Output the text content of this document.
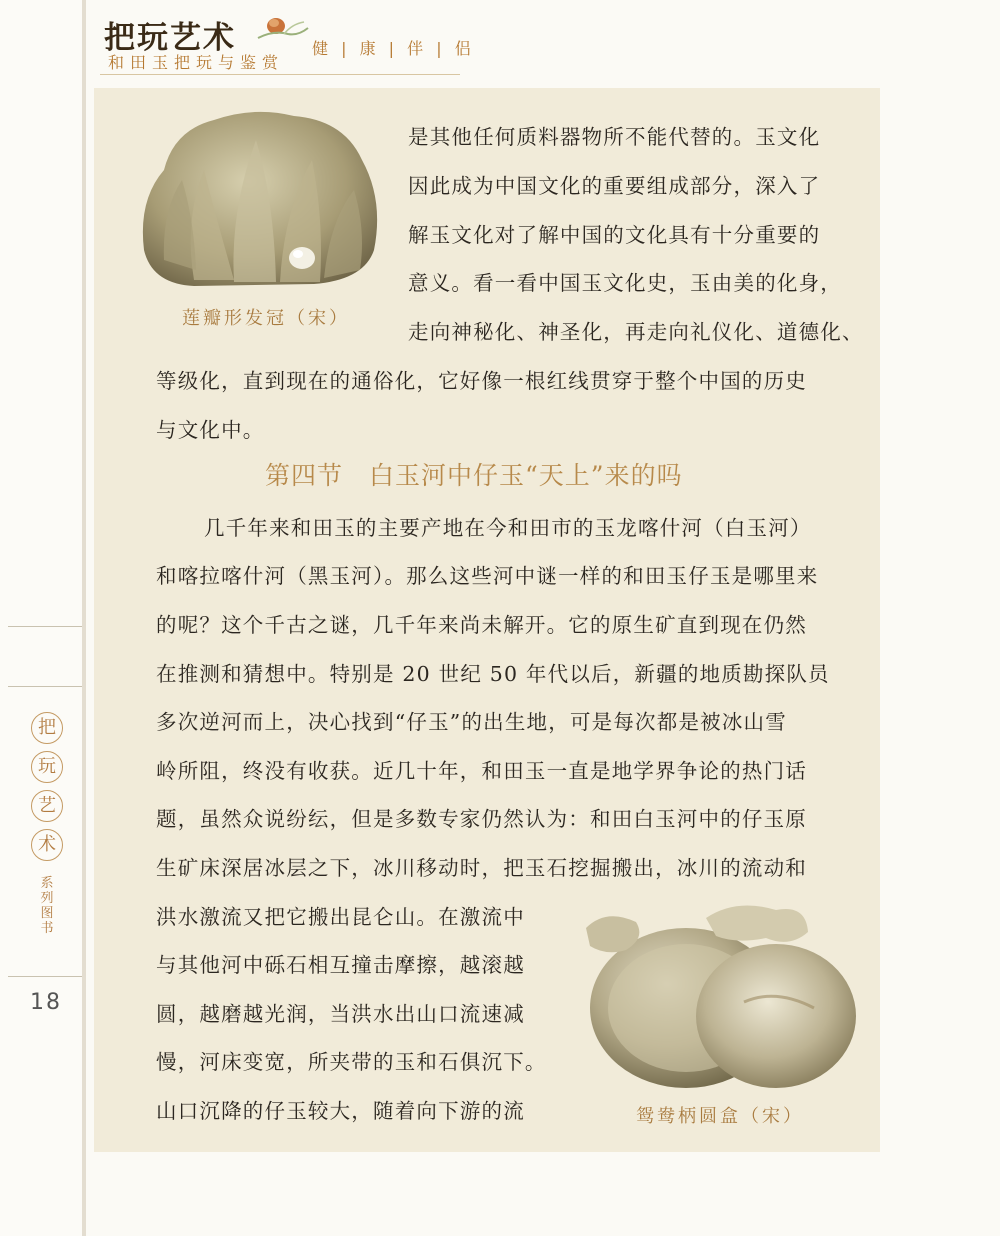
把玩艺术
和田玉把玩与鉴赏
健 | 康 | 伴 | 侣
把
玩
艺
术
系列图书
18
莲瓣形发冠（宋）
是其他任何质料器物所不能代替的。玉文化
因此成为中国文化的重要组成部分，深入了
解玉文化对了解中国的文化具有十分重要的
意义。看一看中国玉文化史，玉由美的化身，
走向神秘化、神圣化，再走向礼仪化、道德化、
等级化，直到现在的通俗化，它好像一根红线贯穿于整个中国的历史
与文化中。
第四节　白玉河中仔玉“天上”来的吗
几千年来和田玉的主要产地在今和田市的玉龙喀什河（白玉河）
和喀拉喀什河（黑玉河）。那么这些河中谜一样的和田玉仔玉是哪里来
的呢？这个千古之谜，几千年来尚未解开。它的原生矿直到现在仍然
在推测和猜想中。特别是 20 世纪 50 年代以后，新疆的地质勘探队员
多次逆河而上，决心找到“仔玉”的出生地，可是每次都是被冰山雪
岭所阻，终没有收获。近几十年，和田玉一直是地学界争论的热门话
题，虽然众说纷纭，但是多数专家仍然认为：和田白玉河中的仔玉原
生矿床深居冰层之下，冰川移动时，把玉石挖掘搬出，冰川的流动和
洪水激流又把它搬出昆仑山。在激流中
与其他河中砾石相互撞击摩擦，越滚越
圆，越磨越光润，当洪水出山口流速减
慢，河床变宽，所夹带的玉和石俱沉下。
山口沉降的仔玉较大，随着向下游的流	鸳鸯柄圆盒（宋）
